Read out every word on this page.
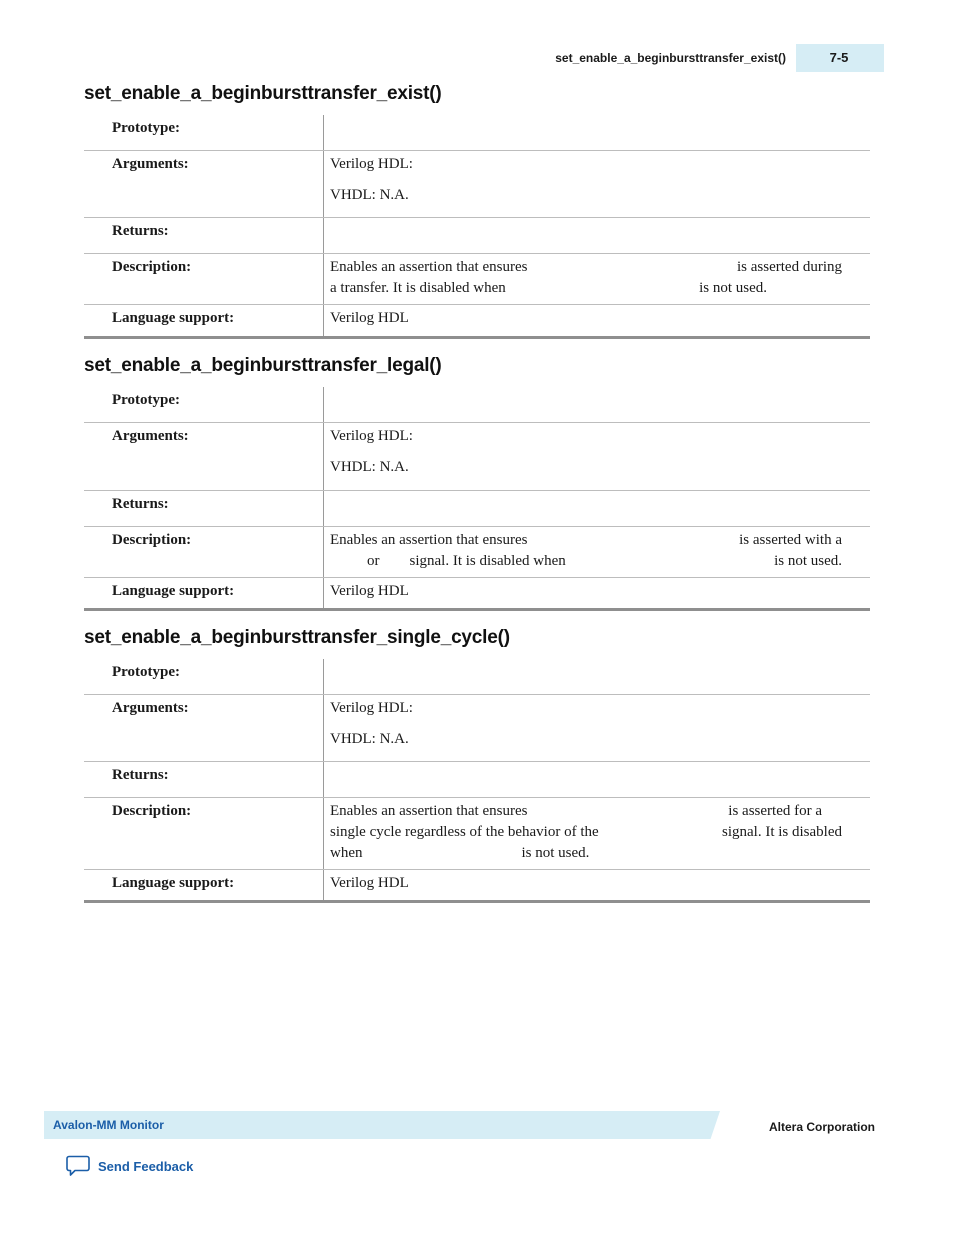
set_enable_a_beginbursttransfer_exist()	7-5
set_enable_a_beginbursttransfer_exist()
Prototype:
Arguments:	Verilog HDL:

VHDL: N.A.

Returns:
Description:	Enables an assertion that ensures	is asserted during
a transfer. It is disabled when	is not used.
Language support:	Verilog HDL
set_enable_a_beginbursttransfer_legal()
Prototype:
Arguments:	Verilog HDL:

VHDL: N.A.

Returns:
Description:	Enables an assertion that ensures	is asserted with a
or signal. It is disabled when	is not used.
Language support:	Verilog HDL
set_enable_a_beginbursttransfer_single_cycle()
Prototype:
Arguments:	Verilog HDL:

VHDL: N.A.

Returns:
Description:	Enables an assertion that ensures	is asserted for a
single cycle regardless of the behavior of the	signal. It is disabled
when	is not used.
Language support:	Verilog HDL
Avalon-MM Monitor	Altera Corporation
Send Feedback
